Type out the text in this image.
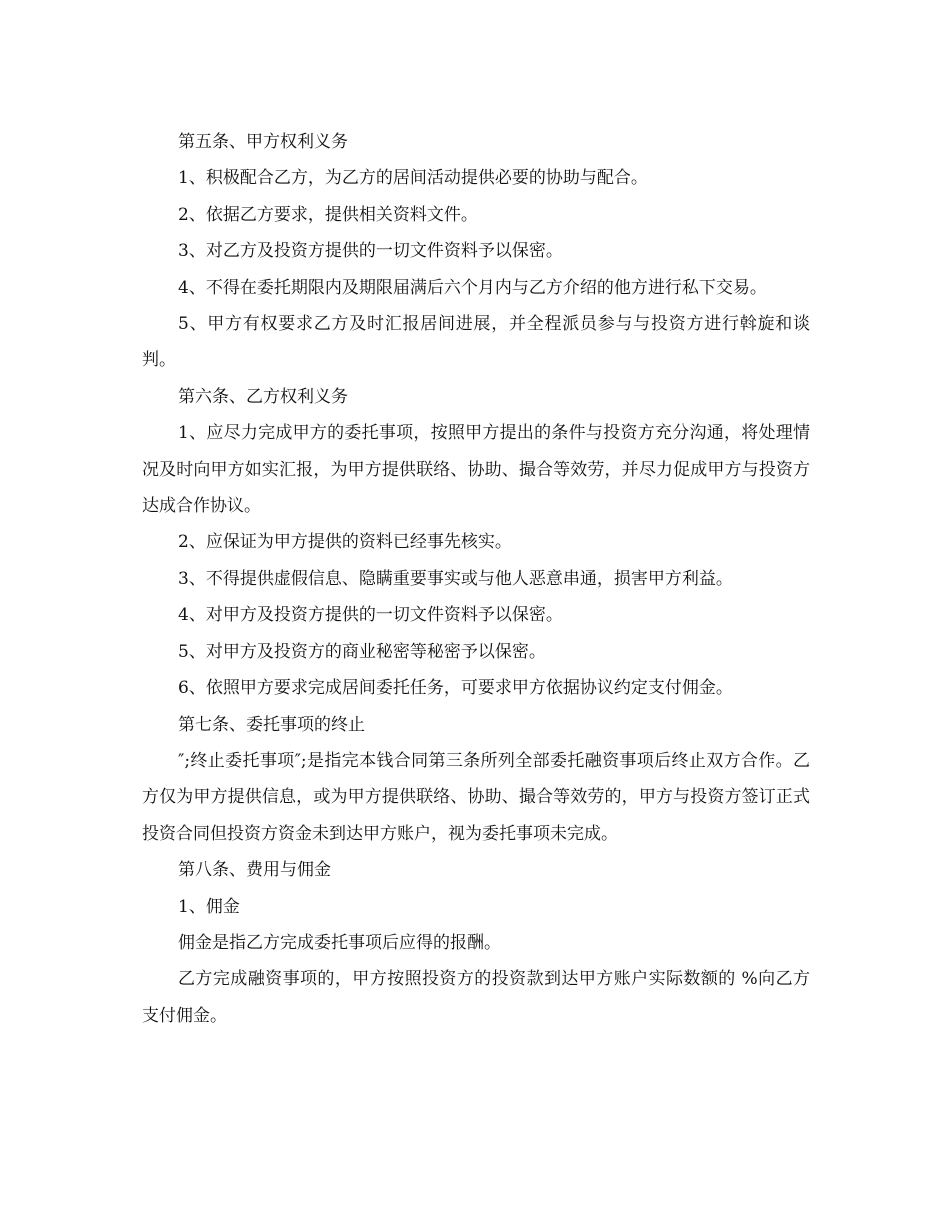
第五条、甲方权利义务

1、积极配合乙方，为乙方的居间活动提供必要的协助与配合。

2、依据乙方要求，提供相关资料文件。

3、对乙方及投资方提供的一切文件资料予以保密。

4、不得在委托期限内及期限届满后六个月内与乙方介绍的他方进行私下交易。

5、甲方有权要求乙方及时汇报居间进展，并全程派员参与与投资方进行斡旋和谈判。

第六条、乙方权利义务

1、应尽力完成甲方的委托事项，按照甲方提出的条件与投资方充分沟通，将处理情况及时向甲方如实汇报，为甲方提供联络、协助、撮合等效劳，并尽力促成甲方与投资方达成合作协议。

2、应保证为甲方提供的资料已经事先核实。

3、不得提供虚假信息、隐瞒重要事实或与他人恶意串通，损害甲方利益。

4、对甲方及投资方提供的一切文件资料予以保密。

5、对甲方及投资方的商业秘密等秘密予以保密。

6、依照甲方要求完成居间委托任务，可要求甲方依据协议约定支付佣金。

第七条、委托事项的终止

″;终止委托事项″;是指完本钱合同第三条所列全部委托融资事项后终止双方合作。乙方仅为甲方提供信息，或为甲方提供联络、协助、撮合等效劳的，甲方与投资方签订正式投资合同但投资方资金未到达甲方账户，视为委托事项未完成。

第八条、费用与佣金

1、佣金

佣金是指乙方完成委托事项后应得的报酬。

乙方完成融资事项的，甲方按照投资方的投资款到达甲方账户实际数额的 %向乙方支付佣金。
